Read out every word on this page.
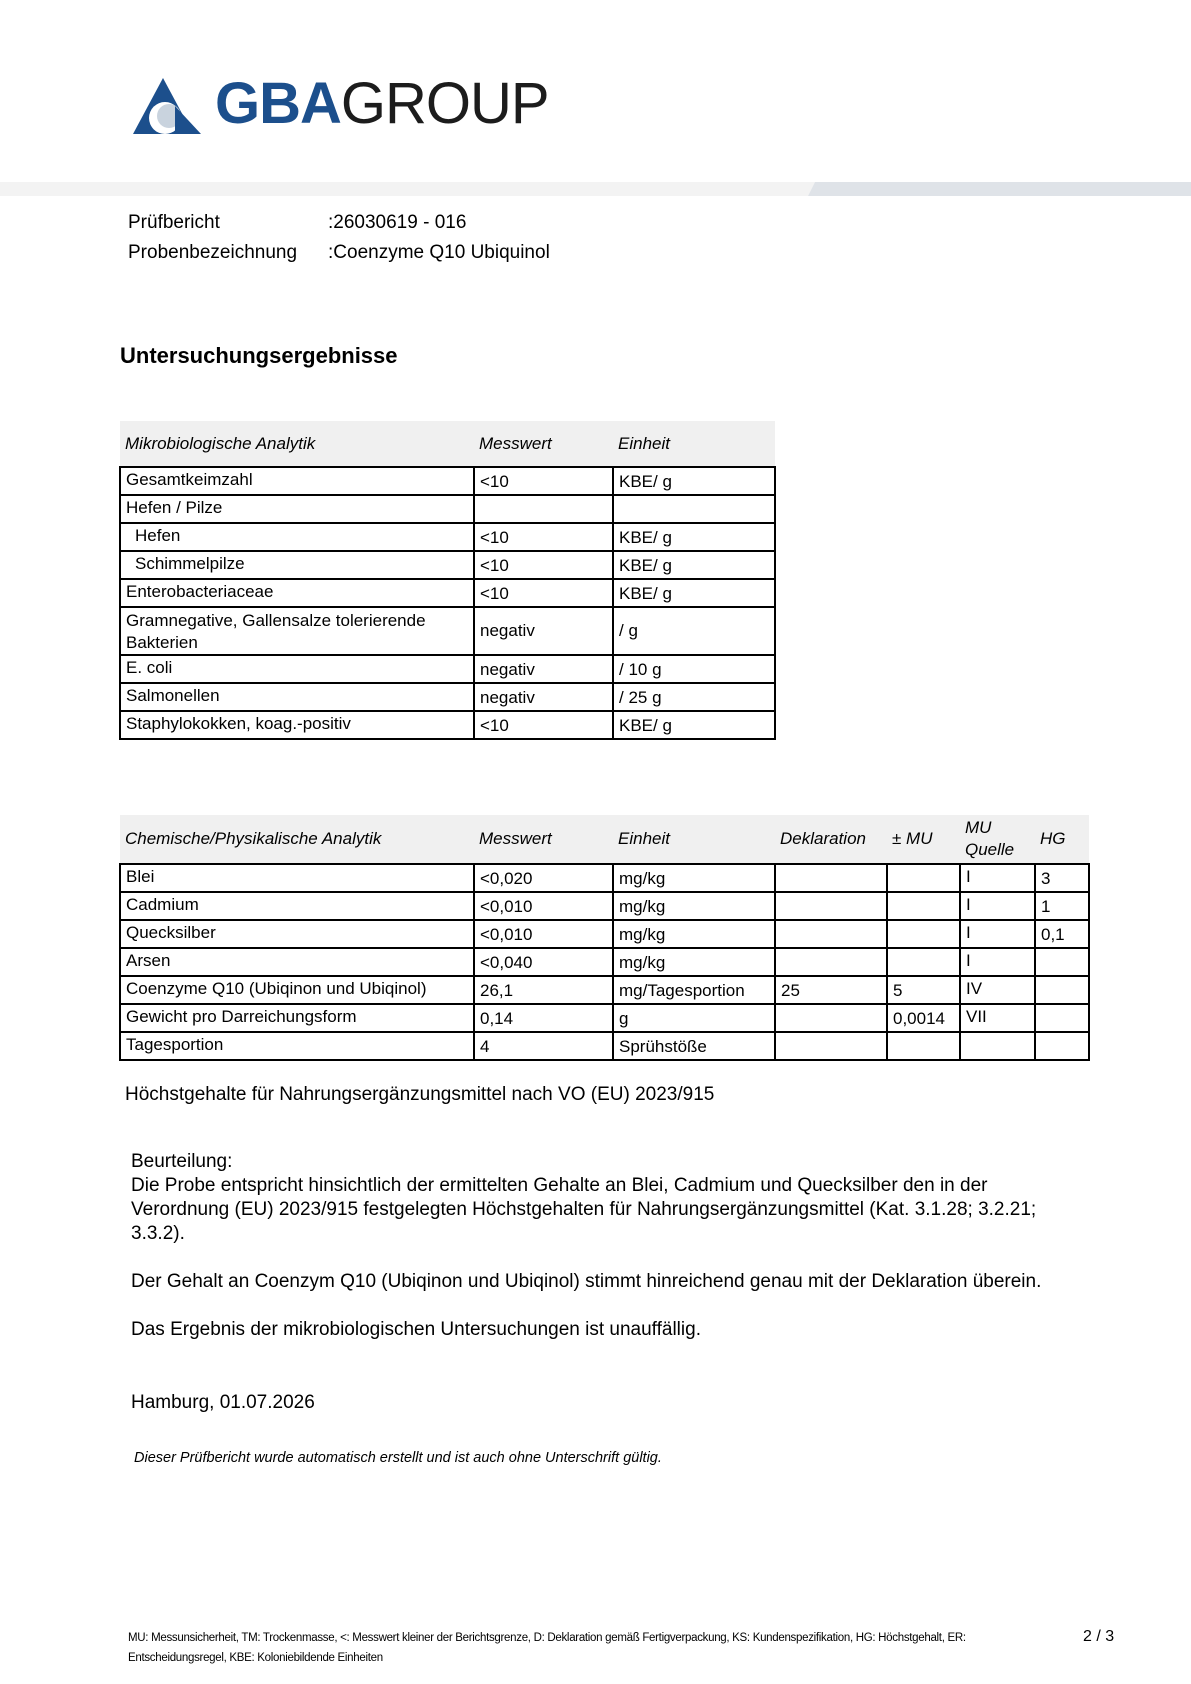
GBAGROUP
Prüfbericht	:26030619 - 016
Probenbezeichnung	:Coenzyme Q10 Ubiquinol
Untersuchungsergebnisse
Mikrobiologische Analytik	Messwert	Einheit
Gesamtkeimzahl	<10	KBE/ g
Hefen / Pilze		
Hefen	<10	KBE/ g
Schimmelpilze	<10	KBE/ g
Enterobacteriaceae	<10	KBE/ g
Gramnegative, Gallensalze tolerierende Bakterien	negativ	/ g
E. coli	negativ	/ 10 g
Salmonellen	negativ	/ 25 g
Staphylokokken, koag.-positiv	<10	KBE/ g
Chemische/Physikalische Analytik	Messwert	Einheit	Deklaration	± MU	MU Quelle	HG
Blei	<0,020	mg/kg			I	3
Cadmium	<0,010	mg/kg			I	1
Quecksilber	<0,010	mg/kg			I	0,1
Arsen	<0,040	mg/kg			I	
Coenzyme Q10 (Ubiqinon und Ubiqinol)	26,1	mg/Tagesportion	25	5	IV	
Gewicht pro Darreichungsform	0,14	g		0,0014	VII	
Tagesportion	4	Sprühstöße				
Höchstgehalte für Nahrungsergänzungsmittel nach VO (EU) 2023/915
Beurteilung:

Die Probe entspricht hinsichtlich der ermittelten Gehalte an Blei, Cadmium und Quecksilber den in der Verordnung (EU) 2023/915 festgelegten Höchstgehalten für Nahrungsergänzungsmittel (Kat. 3.1.28; 3.2.21; 3.3.2).

Der Gehalt an Coenzym Q10 (Ubiqinon und Ubiqinol) stimmt hinreichend genau mit der Deklaration überein.

Das Ergebnis der mikrobiologischen Untersuchungen ist unauffällig.

Hamburg, 01.07.2026
Dieser Prüfbericht wurde automatisch erstellt und ist auch ohne Unterschrift gültig.
MU: Messunsicherheit, TM: Trockenmasse, <: Messwert kleiner der Berichtsgrenze, D: Deklaration gemäß Fertigverpackung, KS: Kundenspezifikation, HG: Höchstgehalt, ER: Entscheidungsregel, KBE: Koloniebildende Einheiten
2 / 3
